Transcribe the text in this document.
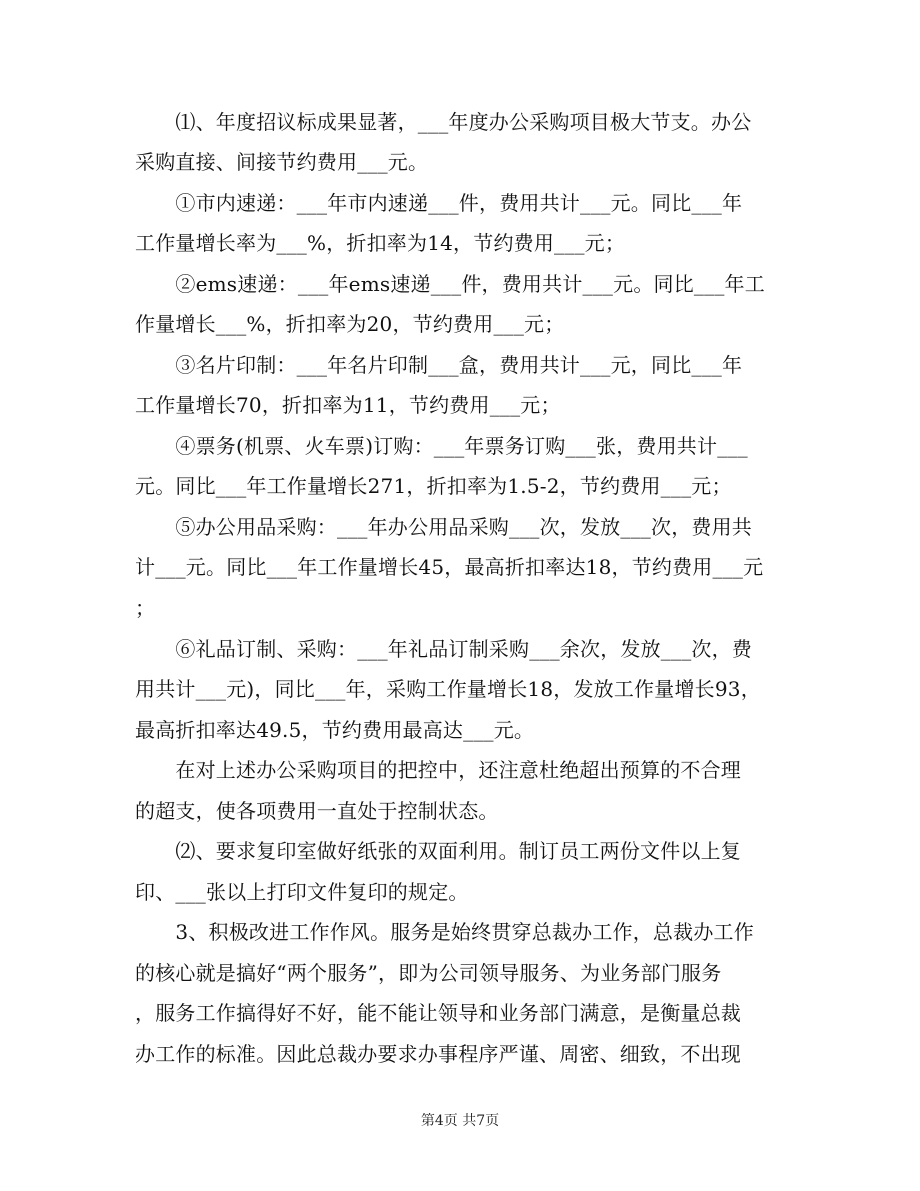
　　⑴、年度招议标成果显著，___年度办公采购项目极大节支。办公
采购直接、间接节约费用___元。
　　①市内速递：___年市内速递___件，费用共计___元。同比___年
工作量增长率为___%，折扣率为14，节约费用___元；
　　②ems速递：___年ems速递___件，费用共计___元。同比___年工
作量增长___%，折扣率为20，节约费用___元；
　　③名片印制：___年名片印制___盒，费用共计___元，同比___年
工作量增长70，折扣率为11，节约费用___元；
　　④票务(机票、火车票)订购：___年票务订购___张，费用共计___
元。同比___年工作量增长271，折扣率为1.5-2，节约费用___元；
　　⑤办公用品采购：___年办公用品采购___次，发放___次，费用共
计___元。同比___年工作量增长45，最高折扣率达18，节约费用___元
；
　　⑥礼品订制、采购：___年礼品订制采购___余次，发放___次，费
用共计___元)，同比___年，采购工作量增长18，发放工作量增长93，
最高折扣率达49.5，节约费用最高达___元。
　　在对上述办公采购项目的把控中，还注意杜绝超出预算的不合理
的超支，使各项费用一直处于控制状态。
　　⑵、要求复印室做好纸张的双面利用。制订员工两份文件以上复
印、___张以上打印文件复印的规定。
　　3、积极改进工作作风。服务是始终贯穿总裁办工作，总裁办工作
的核心就是搞好“两个服务”，即为公司领导服务、为业务部门服务
，服务工作搞得好不好，能不能让领导和业务部门满意，是衡量总裁
办工作的标准。因此总裁办要求办事程序严谨、周密、细致，不出现
第4页 共7页
